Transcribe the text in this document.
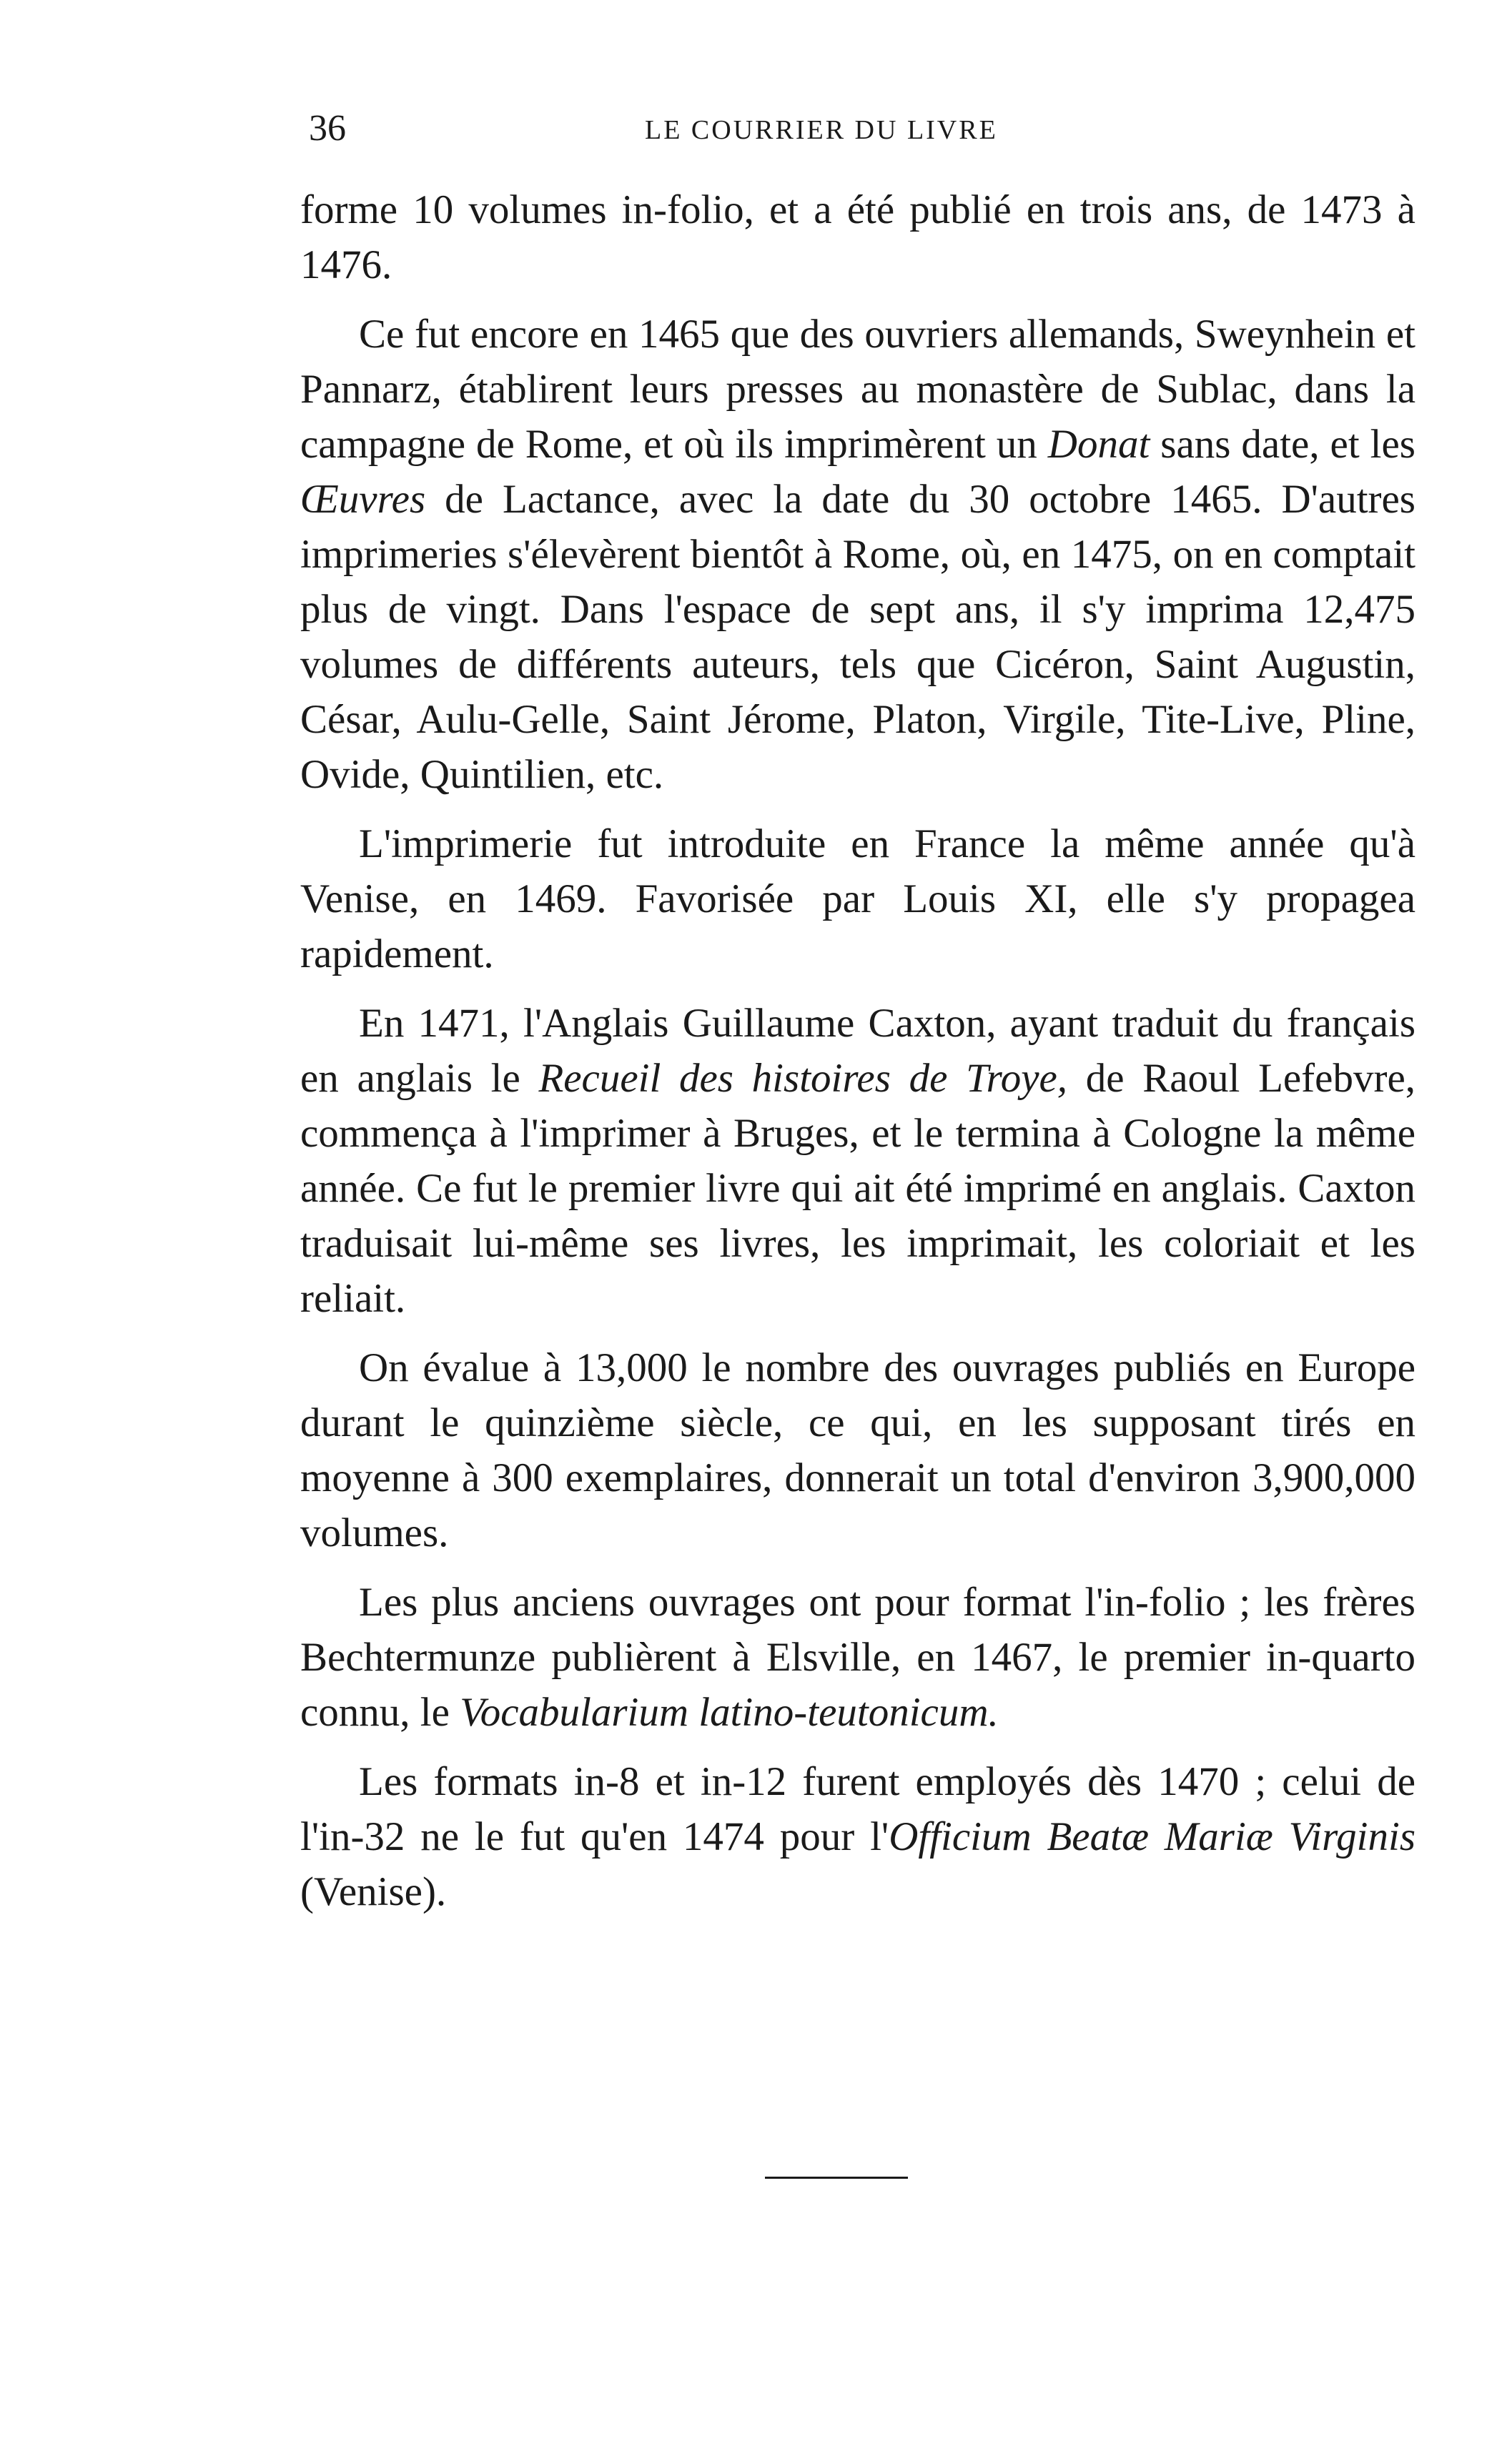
36	LE COURRIER DU LIVRE

forme 10 volumes in-folio, et a été publié en trois ans, de 1473 à 1476.

Ce fut encore en 1465 que des ouvriers allemands, Sweynhein et Pannarz, établirent leurs presses au monastère de Sublac, dans la campagne de Rome, et où ils imprimèrent un Donat sans date, et les Œuvres de Lactance, avec la date du 30 octobre 1465. D'autres imprimeries s'élevèrent bientôt à Rome, où, en 1475, on en comptait plus de vingt. Dans l'espace de sept ans, il s'y imprima 12,475 volumes de différents auteurs, tels que Cicéron, Saint Augustin, César, Aulu-Gelle, Saint Jérome, Platon, Virgile, Tite-Live, Pline, Ovide, Quintilien, etc.

L'imprimerie fut introduite en France la même année qu'à Venise, en 1469. Favorisée par Louis XI, elle s'y propagea rapidement.

En 1471, l'Anglais Guillaume Caxton, ayant traduit du français en anglais le Recueil des histoires de Troye, de Raoul Lefebvre, commença à l'imprimer à Bruges, et le termina à Cologne la même année. Ce fut le premier livre qui ait été imprimé en anglais. Caxton traduisait lui-même ses livres, les imprimait, les coloriait et les reliait.

On évalue à 13,000 le nombre des ouvrages publiés en Europe durant le quinzième siècle, ce qui, en les supposant tirés en moyenne à 300 exemplaires, donnerait un total d'environ 3,900,000 volumes.

Les plus anciens ouvrages ont pour format l'in-folio ; les frères Bechtermunze publièrent à Elsville, en 1467, le premier in-quarto connu, le Vocabularium latino-teutonicum.

Les formats in-8 et in-12 furent employés dès 1470 ; celui de l'in-32 ne le fut qu'en 1474 pour l'Officium Beatæ Mariæ Virginis (Venise).
